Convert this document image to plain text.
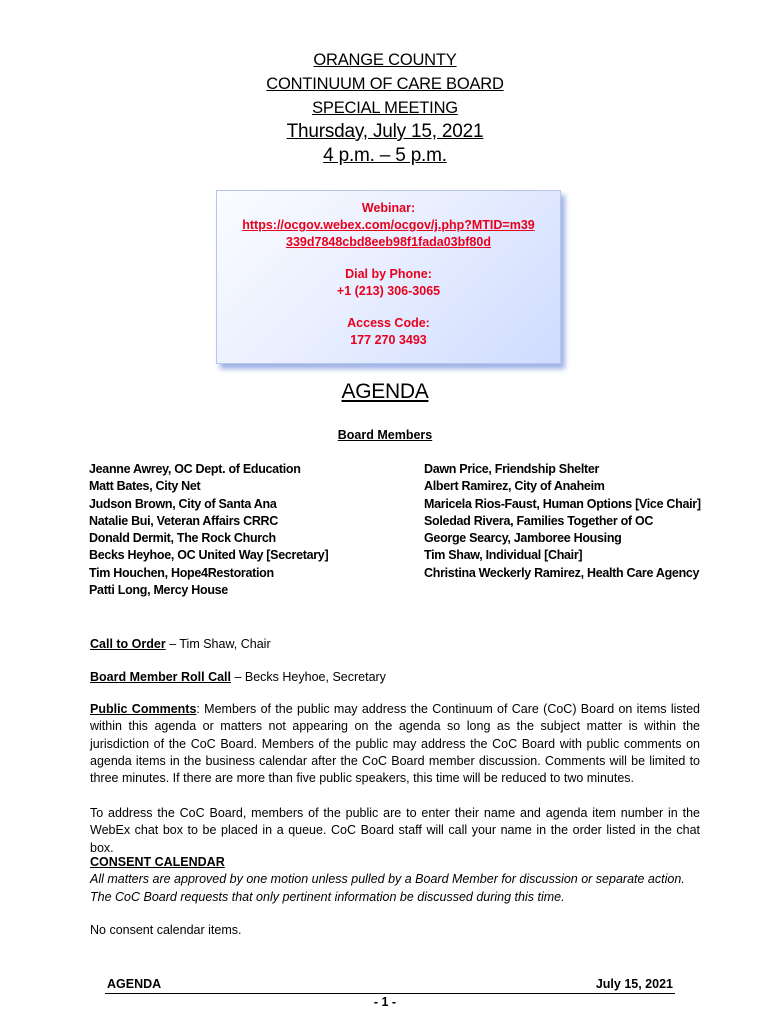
ORANGE COUNTY
CONTINUUM OF CARE BOARD
SPECIAL MEETING
Thursday, July 15, 2021
4 p.m. – 5 p.m.
Webinar:
https://ocgov.webex.com/ocgov/j.php?MTID=m39
339d7848cbd8eeb98f1fada03bf80d
Dial by Phone:
+1 (213) 306-3065
Access Code:
177 270 3493
AGENDA
Board Members
Jeanne Awrey, OC Dept. of Education
Matt Bates, City Net
Judson Brown, City of Santa Ana
Natalie Bui, Veteran Affairs CRRC
Donald Dermit, The Rock Church
Becks Heyhoe, OC United Way [Secretary]
Tim Houchen, Hope4Restoration
Patti Long, Mercy House
Dawn Price, Friendship Shelter
Albert Ramirez, City of Anaheim
Maricela Rios-Faust, Human Options [Vice Chair]
Soledad Rivera, Families Together of OC
George Searcy, Jamboree Housing
Tim Shaw, Individual [Chair]
Christina Weckerly Ramirez, Health Care Agency
Call to Order – Tim Shaw, Chair
Board Member Roll Call – Becks Heyhoe, Secretary
Public Comments: Members of the public may address the Continuum of Care (CoC) Board on items listed within this agenda or matters not appearing on the agenda so long as the subject matter is within the jurisdiction of the CoC Board. Members of the public may address the CoC Board with public comments on agenda items in the business calendar after the CoC Board member discussion. Comments will be limited to three minutes. If there are more than five public speakers, this time will be reduced to two minutes.
To address the CoC Board, members of the public are to enter their name and agenda item number in the WebEx chat box to be placed in a queue. CoC Board staff will call your name in the order listed in the chat box.
CONSENT CALENDAR
All matters are approved by one motion unless pulled by a Board Member for discussion or separate action.
The CoC Board requests that only pertinent information be discussed during this time.
No consent calendar items.
AGENDA	July 15, 2021
- 1 -
